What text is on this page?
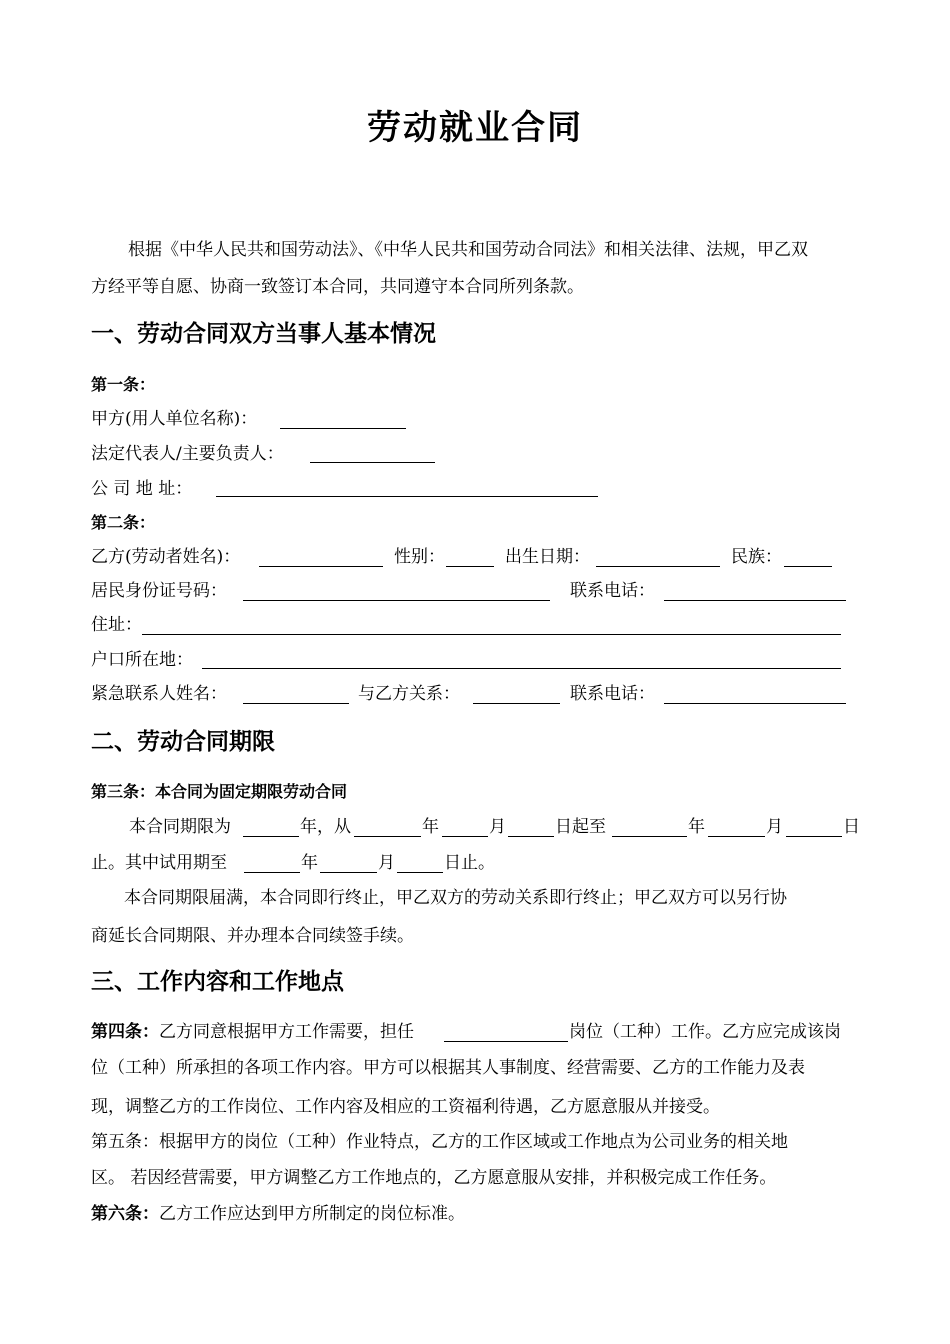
劳动就业合同
根据《中华人民共和国劳动法》、《中华人民共和国劳动合同法》和相关法律、法规，甲乙双
方经平等自愿、协商一致签订本合同，共同遵守本合同所列条款。
一、劳动合同双方当事人基本情况
第一条：
甲方(用人单位名称)：
法定代表人/主要负责人：
公 司 地 址：
第二条：
乙方(劳动者姓名)：	性别：	出生日期：	民族：
居民身份证号码：	联系电话：
住址：
户口所在地：
紧急联系人姓名：	与乙方关系：	联系电话：
二、劳动合同期限
第三条：本合同为固定期限劳动合同
本合同期限为	年，从	年	月	日起至	年	月	日
止。其中试用期至	年	月	日止。
本合同期限届满，本合同即行终止，甲乙双方的劳动关系即行终止；甲乙双方可以另行协
商延长合同期限、并办理本合同续签手续。
三、工作内容和工作地点
第四条：乙方同意根据甲方工作需要，担任	岗位（工种）工作。乙方应完成该岗
位（工种）所承担的各项工作内容。甲方可以根据其人事制度、经营需要、乙方的工作能力及表
现，调整乙方的工作岗位、工作内容及相应的工资福利待遇，乙方愿意服从并接受。
第五条：根据甲方的岗位（工种）作业特点，乙方的工作区域或工作地点为公司业务的相关地
区。 若因经营需要，甲方调整乙方工作地点的，乙方愿意服从安排，并积极完成工作任务。
第六条：乙方工作应达到甲方所制定的岗位标准。
